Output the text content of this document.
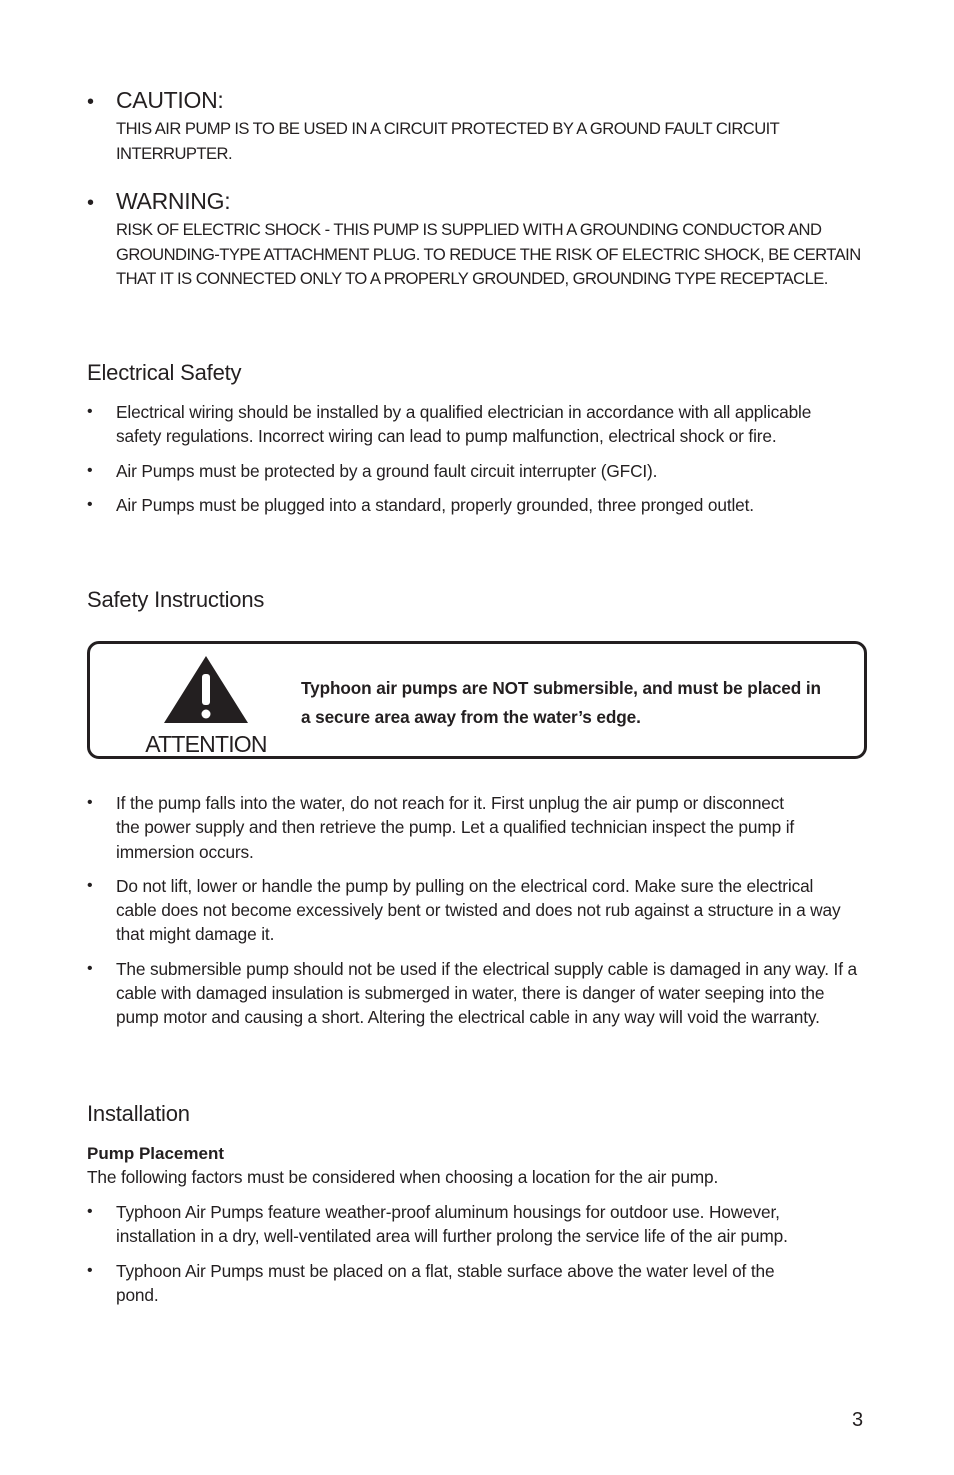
• CAUTION:
THIS AIR PUMP IS TO BE USED IN A CIRCUIT PROTECTED BY A GROUND FAULT CIRCUIT INTERRUPTER.
• WARNING:
RISK OF ELECTRIC SHOCK - THIS PUMP IS SUPPLIED WITH A GROUNDING CONDUCTOR AND GROUNDING-TYPE ATTACHMENT PLUG. TO REDUCE THE RISK OF ELECTRIC SHOCK, BE CERTAIN THAT IT IS CONNECTED ONLY TO A PROPERLY GROUNDED, GROUNDING TYPE RECEPTACLE.
Electrical Safety
• Electrical wiring should be installed by a qualified electrician in accordance with all applicable safety regulations. Incorrect wiring can lead to pump malfunction, electrical shock or fire.
• Air Pumps must be protected by a ground fault circuit interrupter (GFCI).
• Air Pumps must be plugged into a standard, properly grounded, three pronged outlet.
Safety Instructions
ATTENTION
Typhoon air pumps are NOT submersible, and must be placed in a secure area away from the water’s edge.
• If the pump falls into the water, do not reach for it. First unplug the air pump or disconnect the power supply and then retrieve the pump. Let a qualified technician inspect the pump if immersion occurs.
• Do not lift, lower or handle the pump by pulling on the electrical cord. Make sure the electrical cable does not become excessively bent or twisted and does not rub against a structure in a way that might damage it.
• The submersible pump should not be used if the electrical supply cable is damaged in any way. If a cable with damaged insulation is submerged in water, there is danger of water seeping into the pump motor and causing a short. Altering the electrical cable in any way will void the warranty.
Installation
Pump Placement
The following factors must be considered when choosing a location for the air pump.
• Typhoon Air Pumps feature weather-proof aluminum housings for outdoor use. However, installation in a dry, well-ventilated area will further prolong the service life of the air pump.
• Typhoon Air Pumps must be placed on a flat, stable surface above the water level of the pond.
3
